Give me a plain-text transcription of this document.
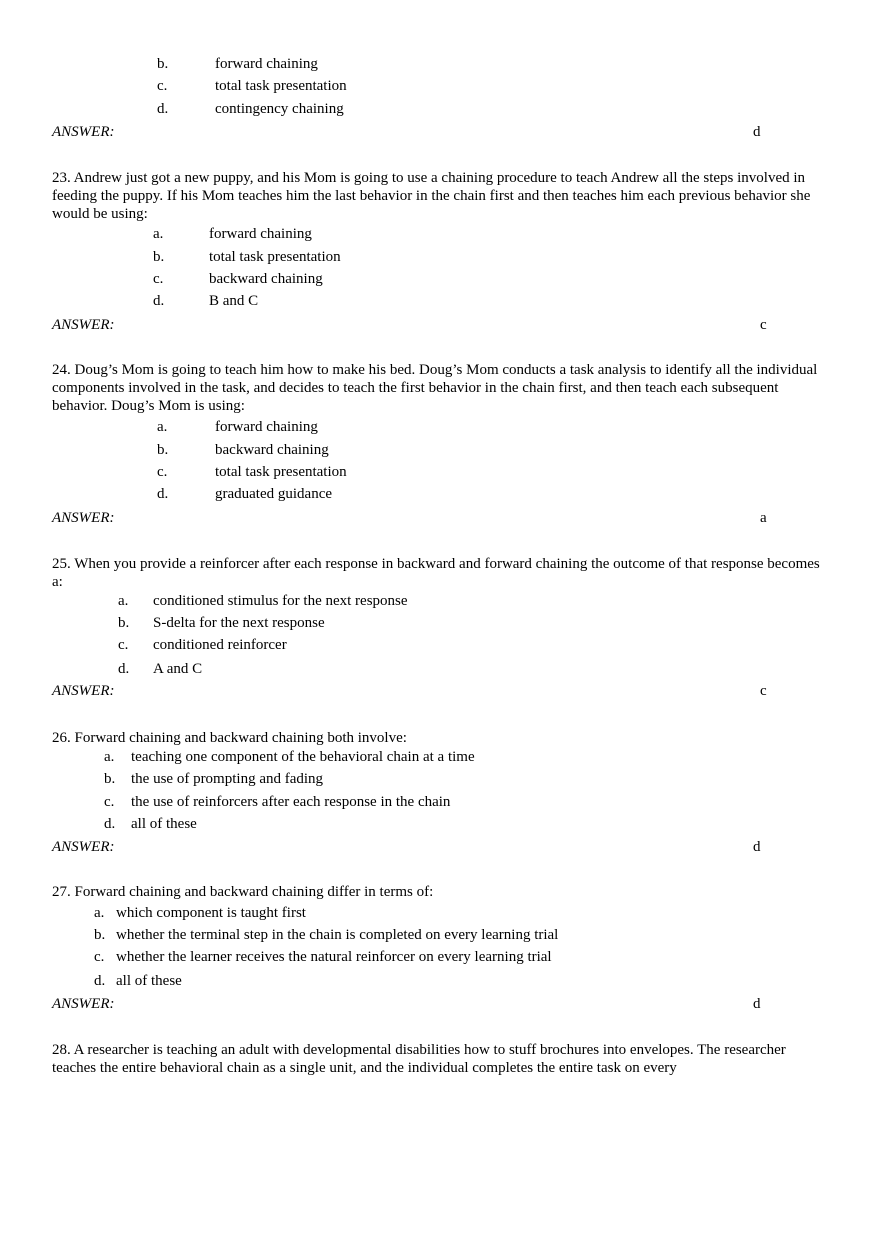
b.	forward chaining
c.	total task presentation
d.	contingency chaining
ANSWER:	d
23. Andrew just got a new puppy, and his Mom is going to use a chaining procedure to teach Andrew all the steps involved in feeding the puppy. If his Mom teaches him the last behavior in the chain first and then teaches him each previous behavior she would be using:
a.	forward chaining
b.	total task presentation
c.	backward chaining
d.	B and C
ANSWER:	c
24. Doug’s Mom is going to teach him how to make his bed. Doug’s Mom conducts a task analysis to identify all the individual components involved in the task, and decides to teach the first behavior in the chain first, and then teach each subsequent behavior. Doug’s Mom is using:
a.	forward chaining
b.	backward chaining
c.	total task presentation
d.	graduated guidance
ANSWER:	a
25. When you provide a reinforcer after each response in backward and forward chaining the outcome of that response becomes a:
a. conditioned stimulus for the next response
b. S-delta for the next response
c. conditioned reinforcer
d. A and C
ANSWER:	c
26. Forward chaining and backward chaining both involve:
a. teaching one component of the behavioral chain at a time
b. the use of prompting and fading
c. the use of reinforcers after each response in the chain
d. all of these
ANSWER:	d
27. Forward chaining and backward chaining differ in terms of:
a. which component is taught first
b. whether the terminal step in the chain is completed on every learning trial
c. whether the learner receives the natural reinforcer on every learning trial
d. all of these
ANSWER:	d
28. A researcher is teaching an adult with developmental disabilities how to stuff brochures into envelopes. The researcher teaches the entire behavioral chain as a single unit, and the individual completes the entire task on every
